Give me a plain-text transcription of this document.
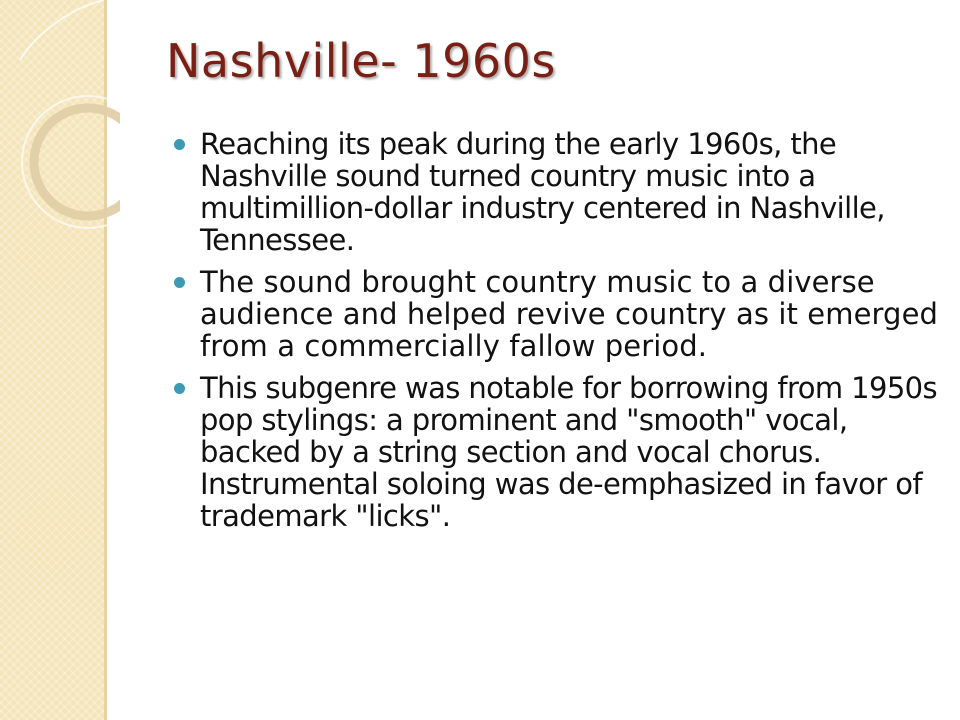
Nashville- 1960s
Reaching its peak during the early 1960s, the Nashville sound turned country music into a multimillion-dollar industry centered in Nashville, Tennessee.
The sound brought country music to a diverse audience and helped revive country as it emerged from a commercially fallow period.
This subgenre was notable for borrowing from 1950s pop stylings: a prominent and "smooth" vocal, backed by a string section and vocal chorus. Instrumental soloing was de-emphasized in favor of trademark "licks".
